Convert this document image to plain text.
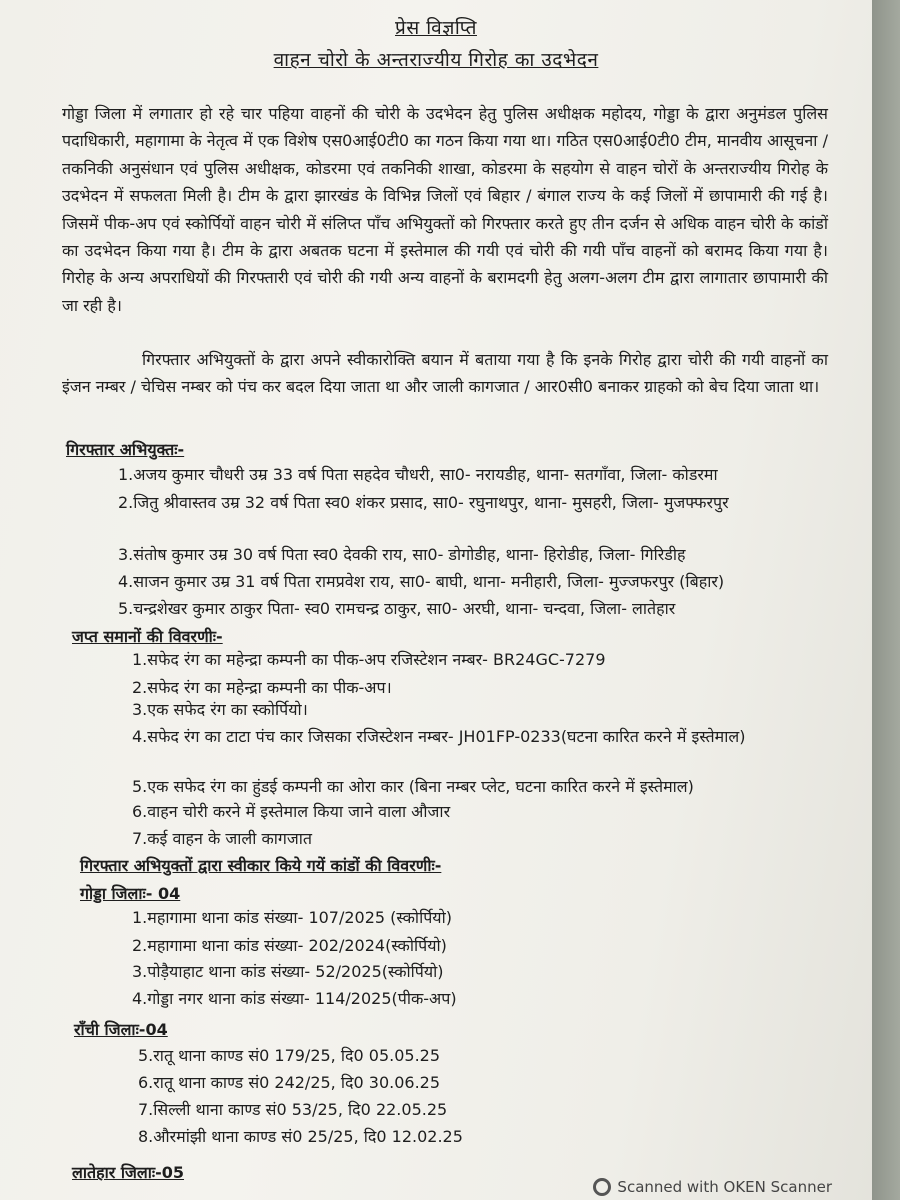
प्रेस विज्ञप्ति
वाहन चोरो के अन्तराज्यीय गिरोह का उदभेदन
गोड्डा जिला में लगातार हो रहे चार पहिया वाहनों की चोरी के उदभेदन हेतु पुलिस अधीक्षक महोदय, गोड्डा के द्वारा अनुमंडल पुलिस पदाधिकारी, महागामा के नेतृत्व में एक विशेष एस0आई0टी0 का गठन किया गया था। गठित एस0आई0टी0 टीम, मानवीय आसूचना / तकनिकी अनुसंधान एवं पुलिस अधीक्षक, कोडरमा एवं तकनिकी शाखा, कोडरमा के सहयोग से वाहन चोरों के अन्तराज्यीय गिरोह के उदभेदन में सफलता मिली है। टीम के द्वारा झारखंड के विभिन्न जिलों एवं बिहार / बंगाल राज्य के कई जिलों में छापामारी की गई है। जिसमें पीक-अप एवं स्कोर्पियों वाहन चोरी में संलिप्त पाँच अभियुक्तों को गिरफ्तार करते हुए तीन दर्जन से अधिक वाहन चोरी के कांडों का उदभेदन किया गया है। टीम के द्वारा अबतक घटना में इस्तेमाल की गयी एवं चोरी की गयी पाँच वाहनों को बरामद किया गया है। गिरोह के अन्य अपराधियों की गिरफ्तारी एवं चोरी की गयी अन्य वाहनों के बरामदगी हेतु अलग-अलग टीम द्वारा लागातार छापामारी की जा रही है।
गिरफ्तार अभियुक्तों के द्वारा अपने स्वीकारोक्ति बयान में बताया गया है कि इनके गिरोह द्वारा चोरी की गयी वाहनों का इंजन नम्बर / चेचिस नम्बर को पंच कर बदल दिया जाता था और जाली कागजात / आर0सी0 बनाकर ग्राहको को बेच दिया जाता था।
गिरफ्तार अभियुक्तः-
1.अजय कुमार चौधरी उम्र 33 वर्ष पिता सहदेव चौधरी, सा0- नरायडीह, थाना- सतगाँवा, जिला- कोडरमा
2.जितु श्रीवास्तव उम्र 32 वर्ष पिता स्व0 शंकर प्रसाद, सा0- रघुनाथपुर, थाना- मुसहरी, जिला- मुजफ्फरपुर
3.संतोष कुमार उम्र 30 वर्ष पिता स्व0 देवकी राय, सा0- डोगोडीह, थाना- हिरोडीह, जिला- गिरिडीह
4.साजन कुमार उम्र 31 वर्ष पिता रामप्रवेश राय, सा0- बाघी, थाना- मनीहारी, जिला- मुज्जफरपुर (बिहार)
5.चन्द्रशेखर कुमार ठाकुर पिता- स्व0 रामचन्द्र ठाकुर, सा0- अरघी, थाना- चन्दवा, जिला- लातेहार
जप्त समानों की विवरणीः-
1.सफेद रंग का महेन्द्रा कम्पनी का पीक-अप रजिस्टेशन नम्बर- BR24GC-7279
2.सफेद रंग का महेन्द्रा कम्पनी का पीक-अप।
3.एक सफेद रंग का स्कोर्पियो।
4.सफेद रंग का टाटा पंच कार जिसका रजिस्टेशन नम्बर- JH01FP-0233(घटना कारित करने में इस्तेमाल)
5.एक सफेद रंग का हुंडई कम्पनी का ओरा कार (बिना नम्बर प्लेट, घटना कारित करने में इस्तेमाल)
6.वाहन चोरी करने में इस्तेमाल किया जाने वाला औजार
7.कई वाहन के जाली कागजात
गिरफ्तार अभियुक्तों द्वारा स्वीकार किये गयें कांडों की विवरणीः-
गोड्डा जिलाः- 04
1.महागामा थाना कांड संख्या- 107/2025 (स्कोर्पियो)
2.महागामा थाना कांड संख्या- 202/2024(स्कोर्पियो)
3.पोड़ैयाहाट थाना कांड संख्या- 52/2025(स्कोर्पियो)
4.गोड्डा नगर थाना कांड संख्या- 114/2025(पीक-अप)
राँची जिलाः-04
5.रातू थाना काण्ड सं0 179/25, दि0 05.05.25
6.रातू थाना काण्ड सं0 242/25, दि0 30.06.25
7.सिल्ली थाना काण्ड सं0 53/25, दि0 22.05.25
8.औरमांझी थाना काण्ड सं0 25/25, दि0 12.02.25
लातेहार जिलाः-05
Scanned with OKEN Scanner
